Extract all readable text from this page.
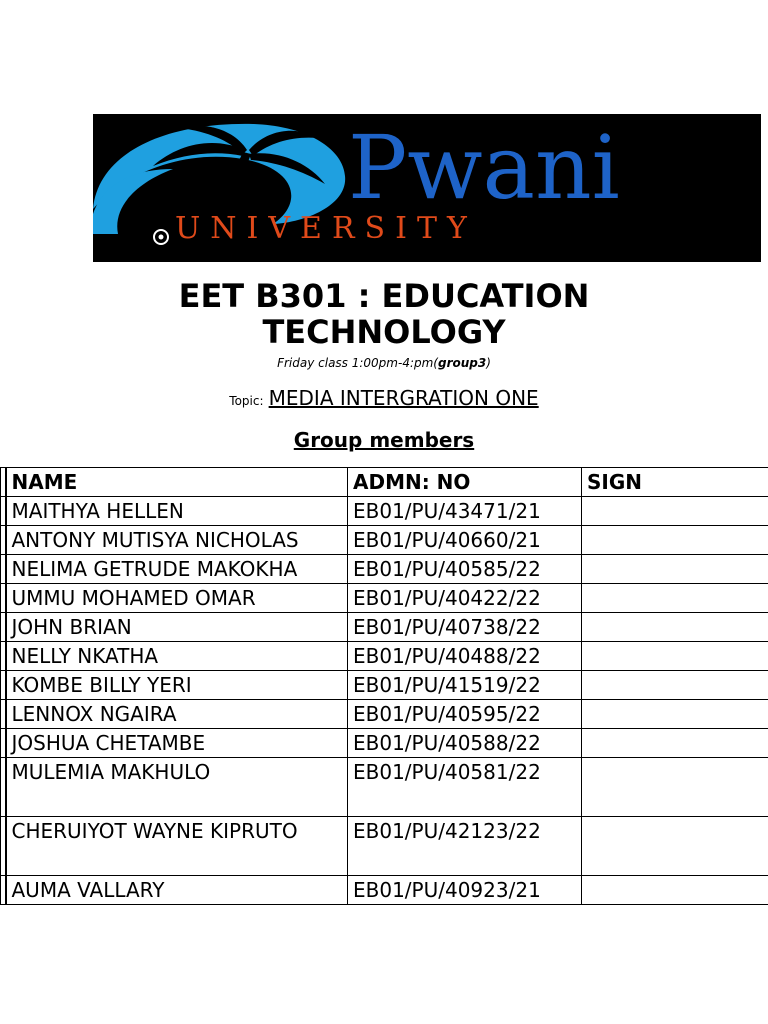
Pwani
UNIVERSITY
EET B301 : EDUCATION
TECHNOLOGY
Friday class 1:00pm-4:pm(group3)
Topic: MEDIA INTERGRATION ONE
Group members
	NAME	ADMN: NO	SIGN
	MAITHYA HELLEN	EB01/PU/43471/21	
	ANTONY MUTISYA NICHOLAS	EB01/PU/40660/21	
	NELIMA GETRUDE MAKOKHA	EB01/PU/40585/22	
	UMMU MOHAMED OMAR	EB01/PU/40422/22	
	JOHN BRIAN	EB01/PU/40738/22	
	NELLY NKATHA	EB01/PU/40488/22	
	KOMBE BILLY YERI	EB01/PU/41519/22	
	LENNOX NGAIRA	EB01/PU/40595/22	
	JOSHUA CHETAMBE	EB01/PU/40588/22	
	MULEMIA MAKHULO	EB01/PU/40581/22	
	CHERUIYOT WAYNE KIPRUTO	EB01/PU/42123/22	
	AUMA VALLARY	EB01/PU/40923/21	
